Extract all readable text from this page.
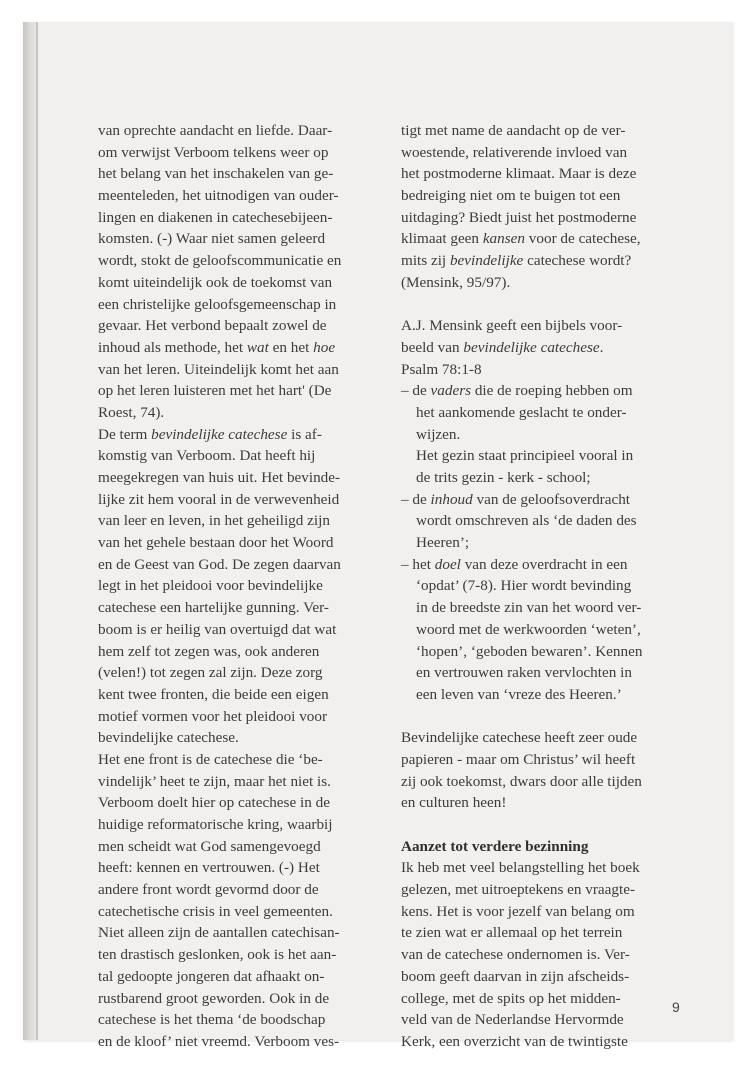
van oprechte aandacht en liefde. Daar-
om verwijst Verboom telkens weer op
het belang van het inschakelen van ge-
meenteleden, het uitnodigen van ouder-
lingen en diakenen in catechesebijeen-
komsten. (-) Waar niet samen geleerd
wordt, stokt de geloofscommunicatie en
komt uiteindelijk ook de toekomst van
een christelijke geloofsgemeenschap in
gevaar. Het verbond bepaalt zowel de
inhoud als methode, het wat en het hoe
van het leren. Uiteindelijk komt het aan
op het leren luisteren met het hart' (De
Roest, 74).
De term bevindelijke catechese is af-
komstig van Verboom. Dat heeft hij
meegekregen van huis uit. Het bevinde-
lijke zit hem vooral in de verwevenheid
van leer en leven, in het geheiligd zijn
van het gehele bestaan door het Woord
en de Geest van God. De zegen daarvan
legt in het pleidooi voor bevindelijke
catechese een hartelijke gunning. Ver-
boom is er heilig van overtuigd dat wat
hem zelf tot zegen was, ook anderen
(velen!) tot zegen zal zijn. Deze zorg
kent twee fronten, die beide een eigen
motief vormen voor het pleidooi voor
bevindelijke catechese.
Het ene front is de catechese die ‘be-
vindelijk’ heet te zijn, maar het niet is.
Verboom doelt hier op catechese in de
huidige reformatorische kring, waarbij
men scheidt wat God samengevoegd
heeft: kennen en vertrouwen. (-) Het
andere front wordt gevormd door de
catechetische crisis in veel gemeenten.
Niet alleen zijn de aantallen catechisan-
ten drastisch geslonken, ook is het aan-
tal gedoopte jongeren dat afhaakt on-
rustbarend groot geworden. Ook in de
catechese is het thema ‘de boodschap
en de kloof’ niet vreemd. Verboom ves-
tigt met name de aandacht op de ver-
woestende, relativerende invloed van
het postmoderne klimaat. Maar is deze
bedreiging niet om te buigen tot een
uitdaging? Biedt juist het postmoderne
klimaat geen kansen voor de catechese,
mits zij bevindelijke catechese wordt?
(Mensink, 95/97).
A.J. Mensink geeft een bijbels voor-
beeld van bevindelijke catechese.
Psalm 78:1-8
– de vaders die de roeping hebben om
het aankomende geslacht te onder-
wijzen.
Het gezin staat principieel vooral in
de trits gezin - kerk - school;
– de inhoud van de geloofsoverdracht
wordt omschreven als ‘de daden des
Heeren’;
– het doel van deze overdracht in een
‘opdat’ (7-8). Hier wordt bevinding
in de breedste zin van het woord ver-
woord met de werkwoorden ‘weten’,
‘hopen’, ‘geboden bewaren’. Kennen
en vertrouwen raken vervlochten in
een leven van ‘vreze des Heeren.’
Bevindelijke catechese heeft zeer oude
papieren - maar om Christus’ wil heeft
zij ook toekomst, dwars door alle tijden
en culturen heen!
Aanzet tot verdere bezinning
Ik heb met veel belangstelling het boek
gelezen, met uitroeptekens en vraagte-
kens. Het is voor jezelf van belang om
te zien wat er allemaal op het terrein
van de catechese ondernomen is. Ver-
boom geeft daarvan in zijn afscheids-
college, met de spits op het midden-
veld van de Nederlandse Hervormde
Kerk, een overzicht van de twintigste
9
